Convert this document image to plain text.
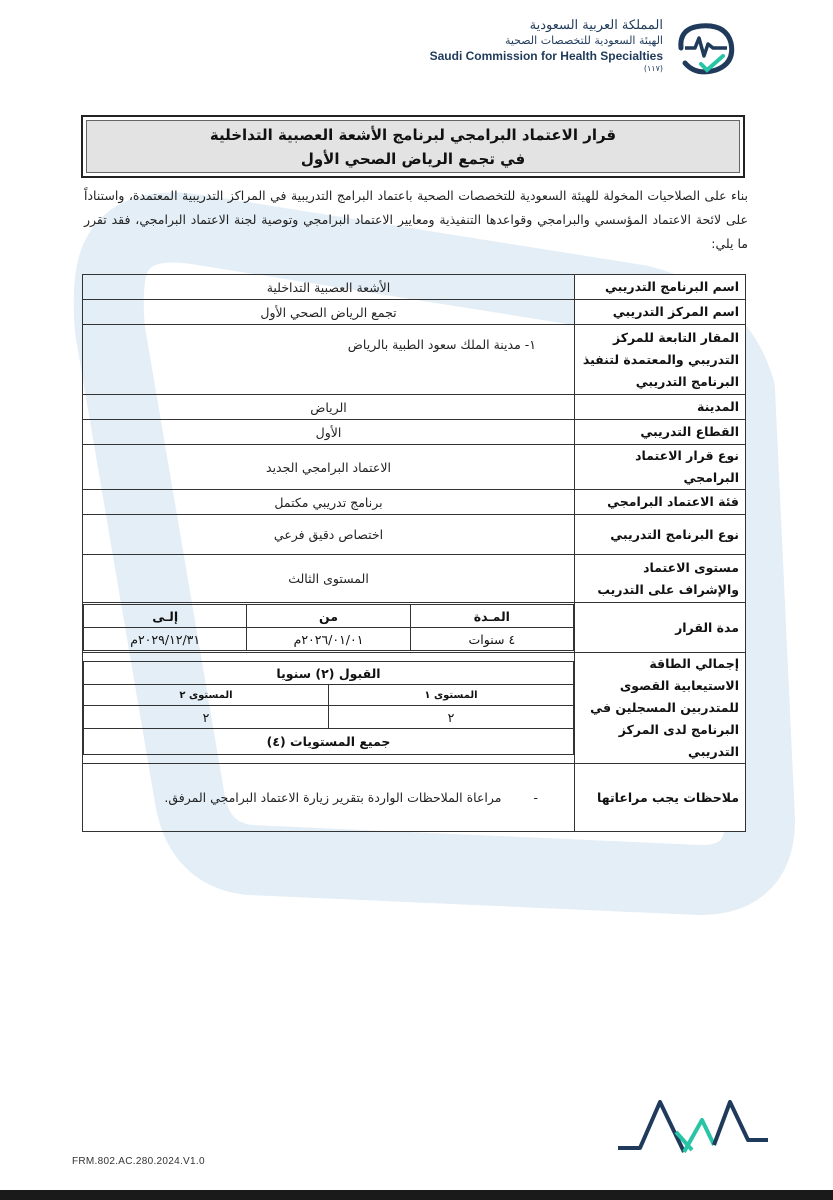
المملكة العربية السعودية
الهيئة السعودية للتخصصات الصحية
Saudi Commission for Health Specialties
(١١٧)
قرار الاعتماد البرامجي لبرنامج الأشعة العصبية التداخلية
في تجمع الرياض الصحي الأول
بناء على الصلاحيات المخولة للهيئة السعودية للتخصصات الصحية باعتماد البرامج التدريبية في المراكز التدريبية المعتمدة، واستناداً على لائحة الاعتماد المؤسسي والبرامجي وقواعدها التنفيذية ومعايير الاعتماد البرامجي وتوصية لجنة الاعتماد البرامجي، فقد تقرر ما يلي:
اسم البرنامج التدريبي	الأشعة العصبية التداخلية
اسم المركز التدريبي	تجمع الرياض الصحي الأول
المقار التابعة للمركز التدريبي والمعتمدة لتنفيذ البرنامج التدريبي	١- مدينة الملك سعود الطبية بالرياض
المدينة	الرياض
القطاع التدريبي	الأول
نوع قرار الاعتماد البرامجي	الاعتماد البرامجي الجديد
فئة الاعتماد البرامجي	برنامج تدريبي مكتمل
نوع البرنامج التدريبي	اختصاص دقيق فرعي
مستوى الاعتماد والإشراف على التدريب	المستوى الثالث
مدة القرار	
المـدة	من	إلـى
٤ سنوات	٢٠٢٦/٠١/٠١م	٢٠٢٩/١٢/٣١م

إجمالي الطاقة الاستيعابية القصوى للمتدربين المسجلين في البرنامج لدى المركز التدريبي	
القبول (٢) سنويا
المستوى ١	المستوى ٢
٢	٢
جميع المستويات (٤)

ملاحظات يجب مراعاتها	-  مراعاة الملاحظات الواردة بتقرير زيارة الاعتماد البرامجي المرفق.
FRM.802.AC.280.2024.V1.0
